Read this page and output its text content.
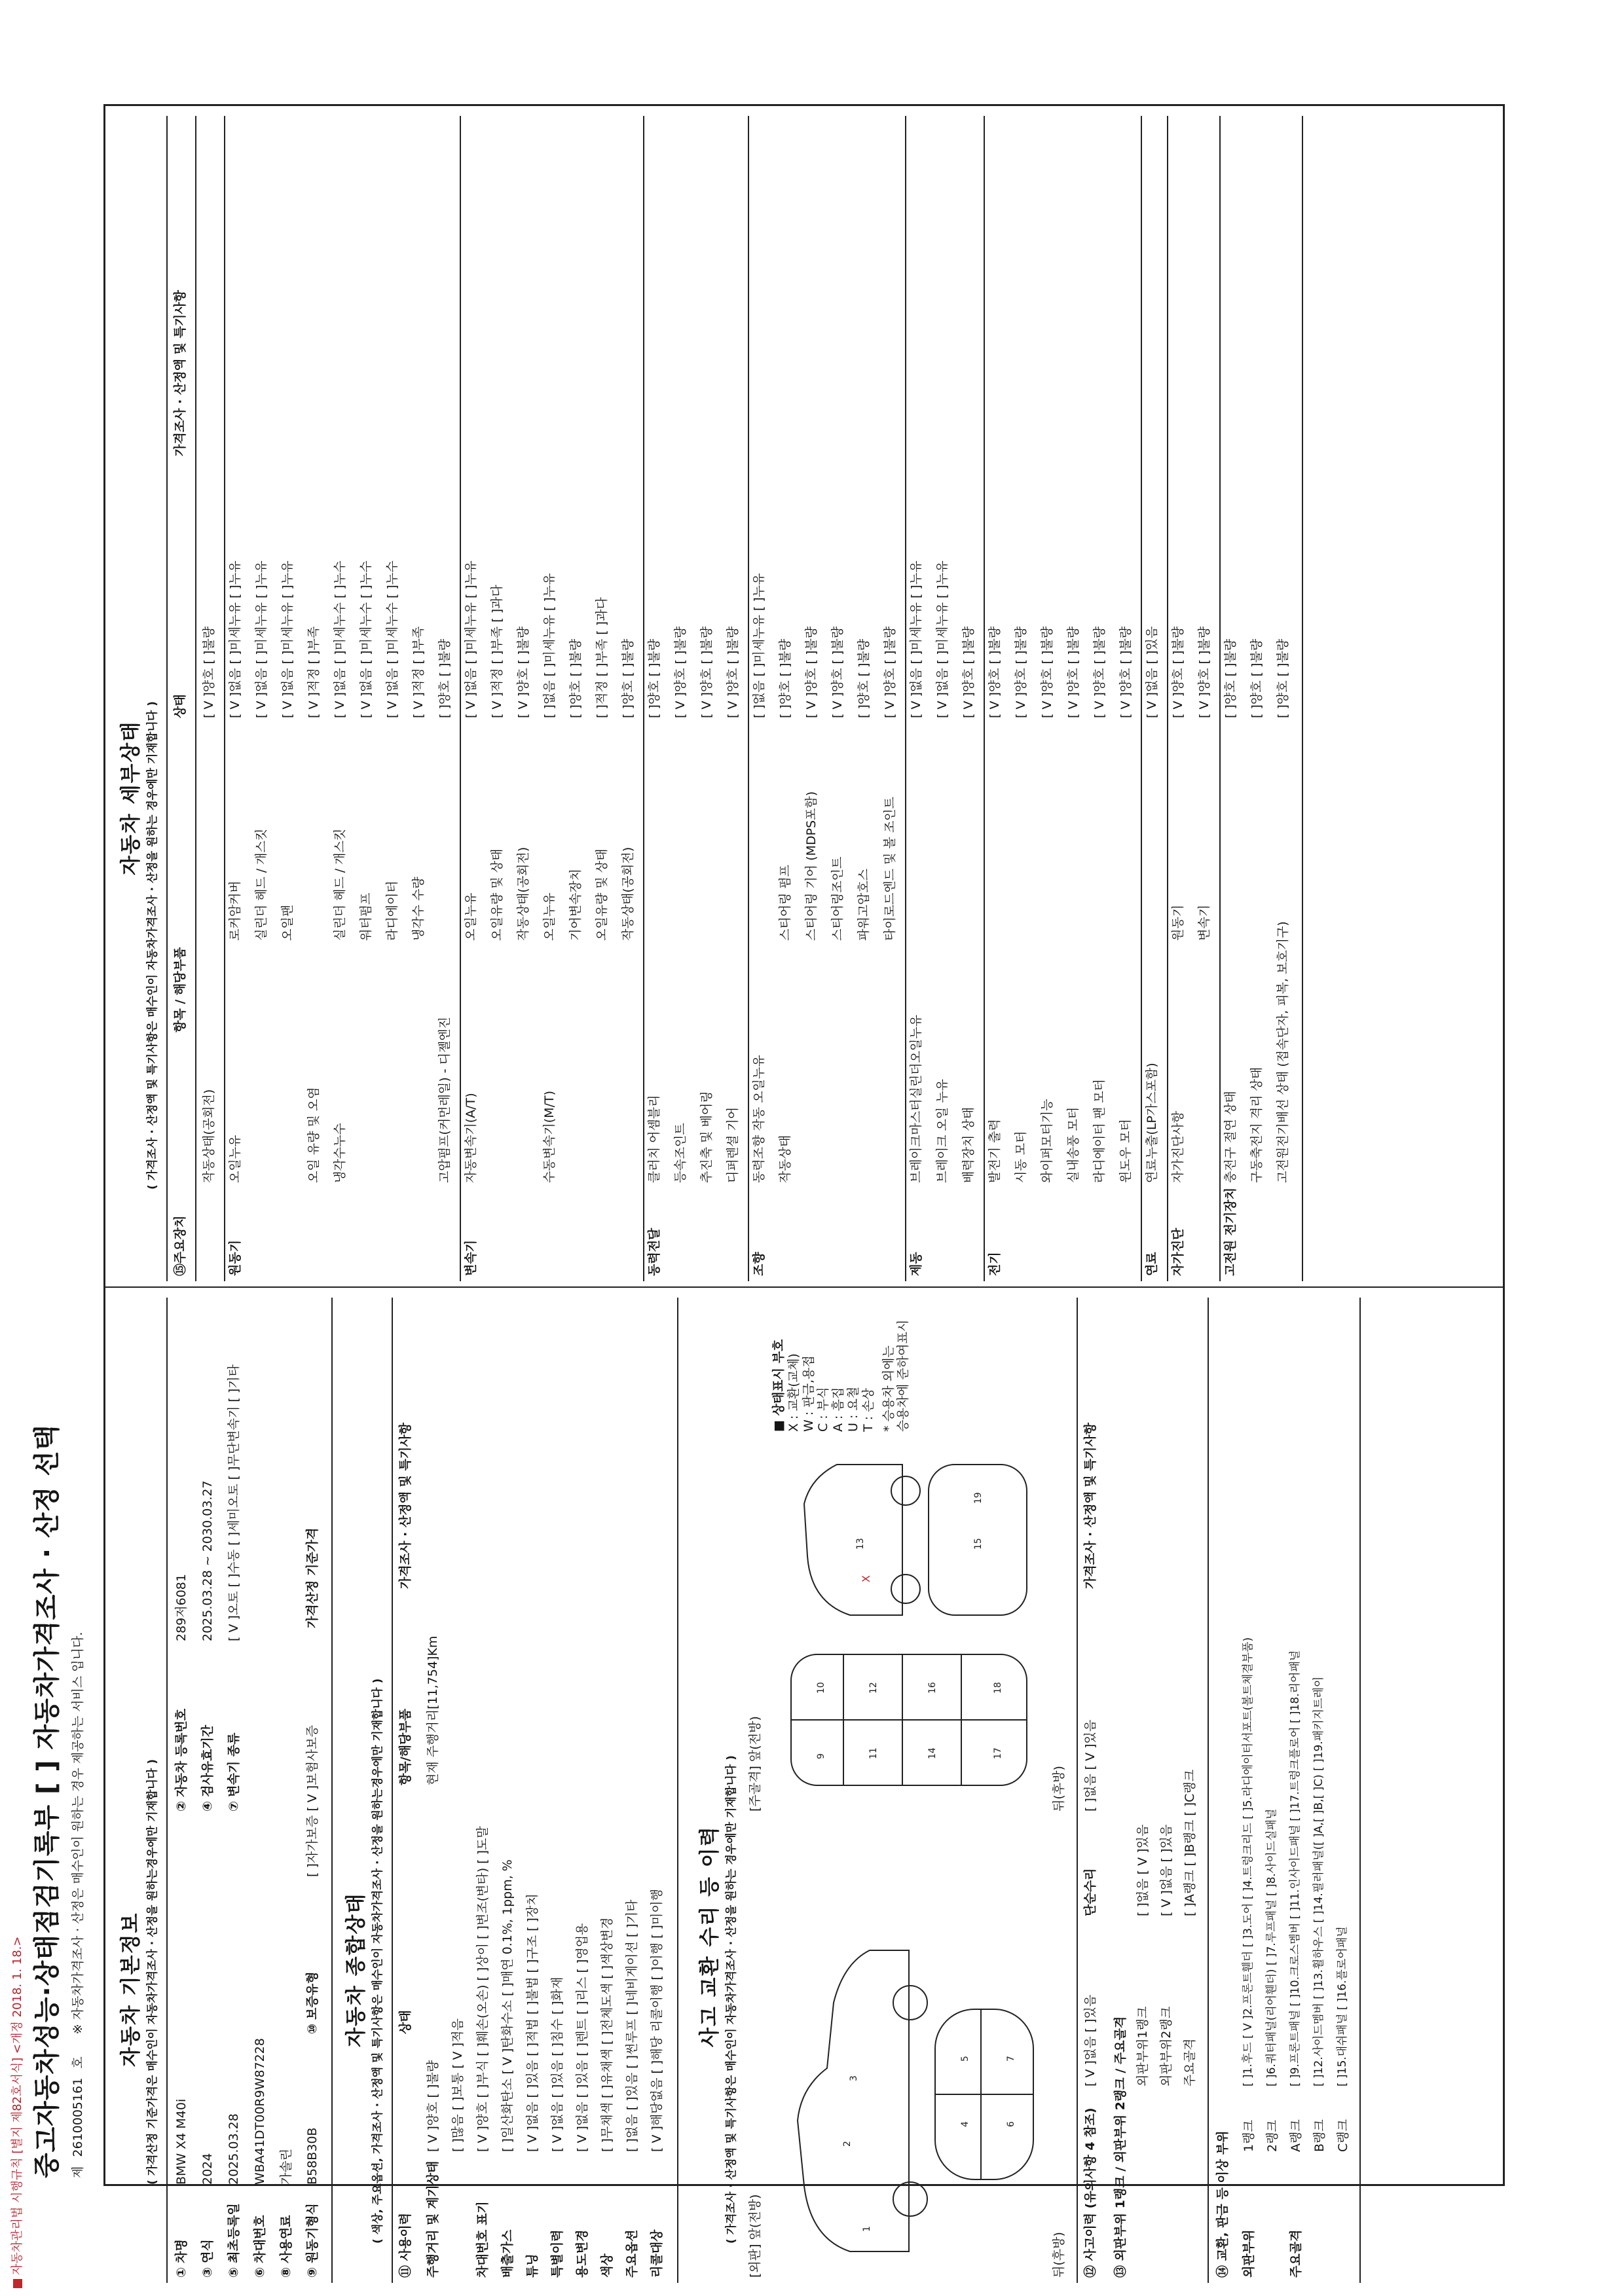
자동차관리법 시행규칙 [별지 제82호서식] <개정 2018. 1. 18.> 중고자동차성능·상태점검기록부 [ ] 자동차가격조사 · 산정 선택 제 2610005161 호 ※ 자동차가격조사 · 산정은 매수인이 원하는 경우 제공하는 서비스 입니다. 자동차 기본정보 ( 가격산정 기준가격은 매수인이 자동차가격조사 · 산정을 원하는경우에만 기재합니다 )
① 차명
BMW X4 M40i
② 자동차 등록번호
289저6081
③ 연식
2024
④ 검사유효기간
2025.03.28 ~ 2030.03.27
⑤ 최초등록일
2025.03.28
⑦ 변속기 종류
[ V ]오토 [ ]수동 [ ]세미오토 [ ]무단변속기 [ ]기타
⑥ 차대번호
WBA41DT00R9W87228
⑧ 사용연료
가솔린
⑨ 원동기형식
B58B30B
⑩ 보증유형
[ ]자가보증 [ V ]보험사보증
가격산정 기준가격
자동차 종합상태 ( 색상, 주요옵션, 가격조사 · 산정액 및 특기사항은 매수인이 자동차가격조사 · 산정을 원하는경우에만 기재합니다 )
⑪ 사용이력
상태
항목/해당부품
가격조사 · 산정액 및 특기사항
주행거리 및 계기상태
[ V ]양호 [ ]불량
현재 주행거리[11,754]Km
[ ]많음 [ ]보통 [ V ]적음
차대번호 표기
[ V ]양호 [ ]부식 [ ]훼손(오손) [ ]상이 [ ]변조(변타) [ ]도말
배출가스
[ ]일산화탄소 [ V ]탄화수소 [ ]매연 0.1%, 1ppm, %
튜닝
[ V ]없음 [ ]있음 [ ]적법 [ ]불법 [ ]구조 [ ]장치
특별이력
[ V ]없음 [ ]있음 [ ]침수 [ ]화재
용도변경
[ V ]없음 [ ]있음 [ ]렌트 [ ]리스 [ ]영업용
색상
[ ]무채색 [ ]유채색 [ ]전체도색 [ ]색상변경
주요옵션
[ ]없음 [ ]있음 [ ]썬루프 [ ]네비게이션 [ ]기타
리콜대상
[ V ]해당없음 [ ]해당 리콜이행 [ ]이행 [ ]미이행 사고 교환 수리 등 이력 ( 가격조사 · 산정액 및 특기사항은 매수인이 자동차가격조사 · 산정을 원하는 경우에만 기재합니다 ) [외판] 앞(전방)
[주골격] 앞(전방)
1
2
3
4
5
6
7
9
10
11
12
14
16
17
18
13	15
19
X
■ 상태표시 부호 X : 교환(교체) W : 판금,용접 C : 부식 A : 흠집 U : 요철 T : 손상 * 승용차 외에는 승용차에 준하여표시
뒤(후방)
뒤(후방)
⑫ 사고이력 (유의사항 4 참조)
[ V ]없음 [ ]있음
단순수리
[ ]없음 [ V ]있음
가격조사 · 산정액 및 특기사항
⑬ 외판부위 1랭크 / 외판부위 2랭크 / 주요골격 외판부위1랭크
[ ]없음 [ V ]있음
외판부위2랭크
[ V ]없음 [ ]있음
주요골격
[ ]A랭크 [ ]B랭크 [ ]C랭크
⑭ 교환, 판금 등 이상 부위 외판부위
1랭크
[ ]1.후드 [ V ]2.프론트휀더 [ ]3.도어 [ ]4.트렁크리드 [ ]5.라디에이터서포트(볼트체결부품)
2랭크
[ ]6.쿼터패널(리어휀더) [ ]7.루프패널 [ ]8.사이드실패널
주요골격
A랭크
[ ]9.프론트패널 [ ]10.크로스멤버 [ ]11.인사이드패널 [ ]17.트렁크플로어 [ ]18.리어패널
B랭크
[ ]12.사이드멤버 [ ]13.휠하우스 [ ]14.필러패널([ ]A,[ ]B,[ ]C) [ ]19.패키지트레이
C랭크
[ ]15.대쉬패널 [ ]16.플로어패널
자동차 세부상태 ( 가격조사 · 산정액 및 특기사항은 매수인이 자동차가격조사 · 산정을 원하는 경우에만 기재합니다 )
⑮주요장치
항목 / 해당부품
상태
가격조사 · 산정액 및 특기사항
작동상태(공회전)
[ V ]양호 [ ]불량
원동기
오일누유
로커암커버
[ V ]없음 [ ]미세누유 [ ]누유
실린더 헤드 / 개스킷
[ V ]없음 [ ]미세누유 [ ]누유
오일팬
[ V ]없음 [ ]미세누유 [ ]누유
오일 유량 및 오염
[ V ]적정 [ ]부족
냉각수누수
실린더 헤드 / 개스킷
[ V ]없음 [ ]미세누수 [ ]누수
워터펌프
[ V ]없음 [ ]미세누수 [ ]누수
라디에이터
[ V ]없음 [ ]미세누수 [ ]누수
냉각수 수량
[ V ]적정 [ ]부족
고압펌프(커먼레일) - 디젤엔진
[ ]양호 [ ]불량
변속기
자동변속기(A/T)
오일누유
[ V ]없음 [ ]미세누유 [ ]누유
오일유량 및 상태
[ V ]적정 [ ]부족 [ ]과다
작동상태(공회전)
[ V ]양호 [ ]불량
수동변속기(M/T)
오일누유
[ ]없음 [ ]미세누유 [ ]누유
기어변속장치
[ ]양호 [ ]불량
오일유량 및 상태
[ ]적정 [ ]부족 [ ]과다
작동상태(공회전)
[ ]양호 [ ]불량
동력전달
클러치 어셈블리
[ ]양호 [ ]불량
등속조인트
[ V ]양호 [ ]불량
추진축 및 베어링
[ V ]양호 [ ]불량
디퍼렌셜 기어
[ V ]양호 [ ]불량
조향
동력조향 작동 오일누유
[ ]없음 [ ]미세누유 [ ]누유
작동상태
스티어링 펌프
[ ]양호 [ ]불량
스티어링 기어 (MDPS포함)
[ V ]양호 [ ]불량
스티어링조인트
[ V ]양호 [ ]불량
파워고압호스
[ ]양호 [ ]불량
타이로드엔드 및 볼 조인트
[ V ]양호 [ ]불량
제동
브레이크마스터실린더오일누유
[ V ]없음 [ ]미세누유 [ ]누유
브레이크 오일 누유
[ V ]없음 [ ]미세누유 [ ]누유
배력장치 상태
[ V ]양호 [ ]불량
전기
발전기 출력
[ V ]양호 [ ]불량
시동 모터
[ V ]양호 [ ]불량
와이퍼모터기능
[ V ]양호 [ ]불량
실내송풍 모터
[ V ]양호 [ ]불량
라디에이터 팬 모터
[ V ]양호 [ ]불량
윈도우 모터
[ V ]양호 [ ]불량
연료
연료누출(LP가스포함)
[ V ]없음 [ ]있음
자가진단
자가진단사항
원동기
[ V ]양호 [ ]불량
변속기
[ V ]양호 [ ]불량
고전원 전기장치
충전구 절연 상태
[ ]양호 [ ]불량
구동축전지 격리 상태
[ ]양호 [ ]불량
고전원전기배선 상태 (접속단자, 피복, 보호기구)
[ ]양호 [ ]불량
